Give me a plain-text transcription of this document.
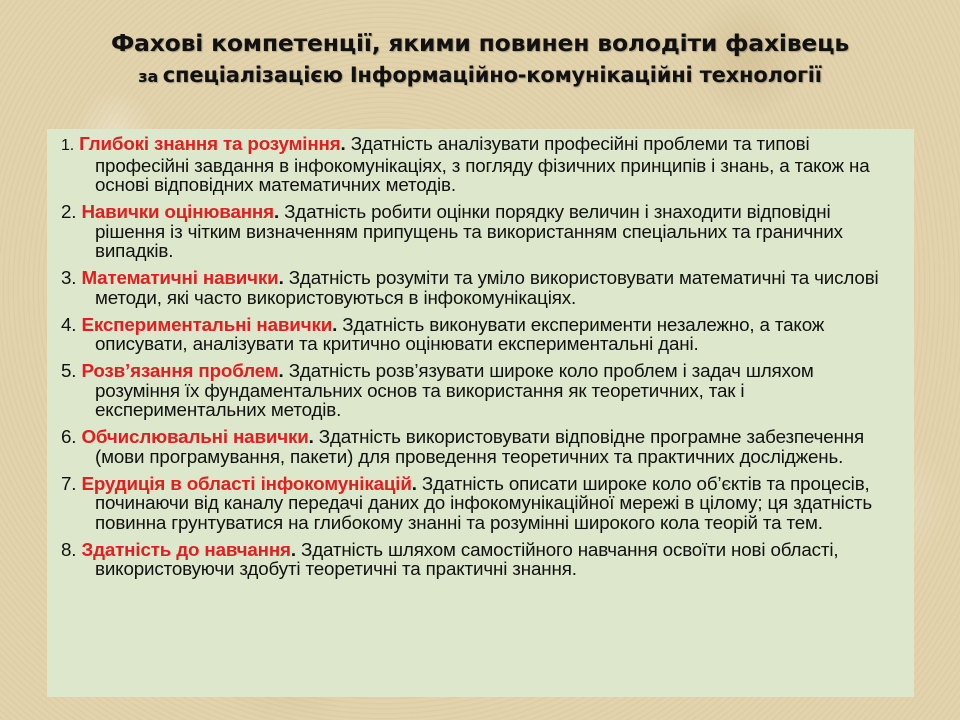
Фахові компетенції, якими повинен володіти фахівець
за спеціалізацією Інформаційно-комунікаційні технології
1. Глибокі знання та розуміння. Здатність аналізувати професійні проблеми та типові професійні завдання в інфокомунікаціях, з погляду фізичних принципів і знань, а також на основі відповідних математичних методів.
2. Навички оцінювання. Здатність робити оцінки порядку величин і знаходити відповідні рішення із чітким визначенням припущень та використанням спеціальних та граничних випадків.
3. Математичні навички. Здатність розуміти та уміло використовувати математичні та числові методи, які часто використовуються в інфокомунікаціях.
4. Експериментальні навички. Здатність виконувати експерименти незалежно, а також описувати, аналізувати та критично оцінювати експериментальні дані.
5. Розв’язання проблем. Здатність розв’язувати широке коло проблем і задач шляхом розуміння їх фундаментальних основ та використання як теоретичних, так і експериментальних методів.
6. Обчислювальні навички. Здатність використовувати відповідне програмне забезпечення (мови програмування, пакети) для проведення теоретичних та практичних досліджень.
7. Ерудиція в області інфокомунікацій. Здатність описати широке коло об’єктів та процесів, починаючи від каналу передачі даних до інфокомунікаційної мережі в цілому; ця здатність повинна грунтуватися на глибокому знанні та розумінні широкого кола теорій та тем.
8. Здатність до навчання. Здатність шляхом самостійного навчання освоїти нові області, використовуючи здобуті теоретичні та практичні знання.
